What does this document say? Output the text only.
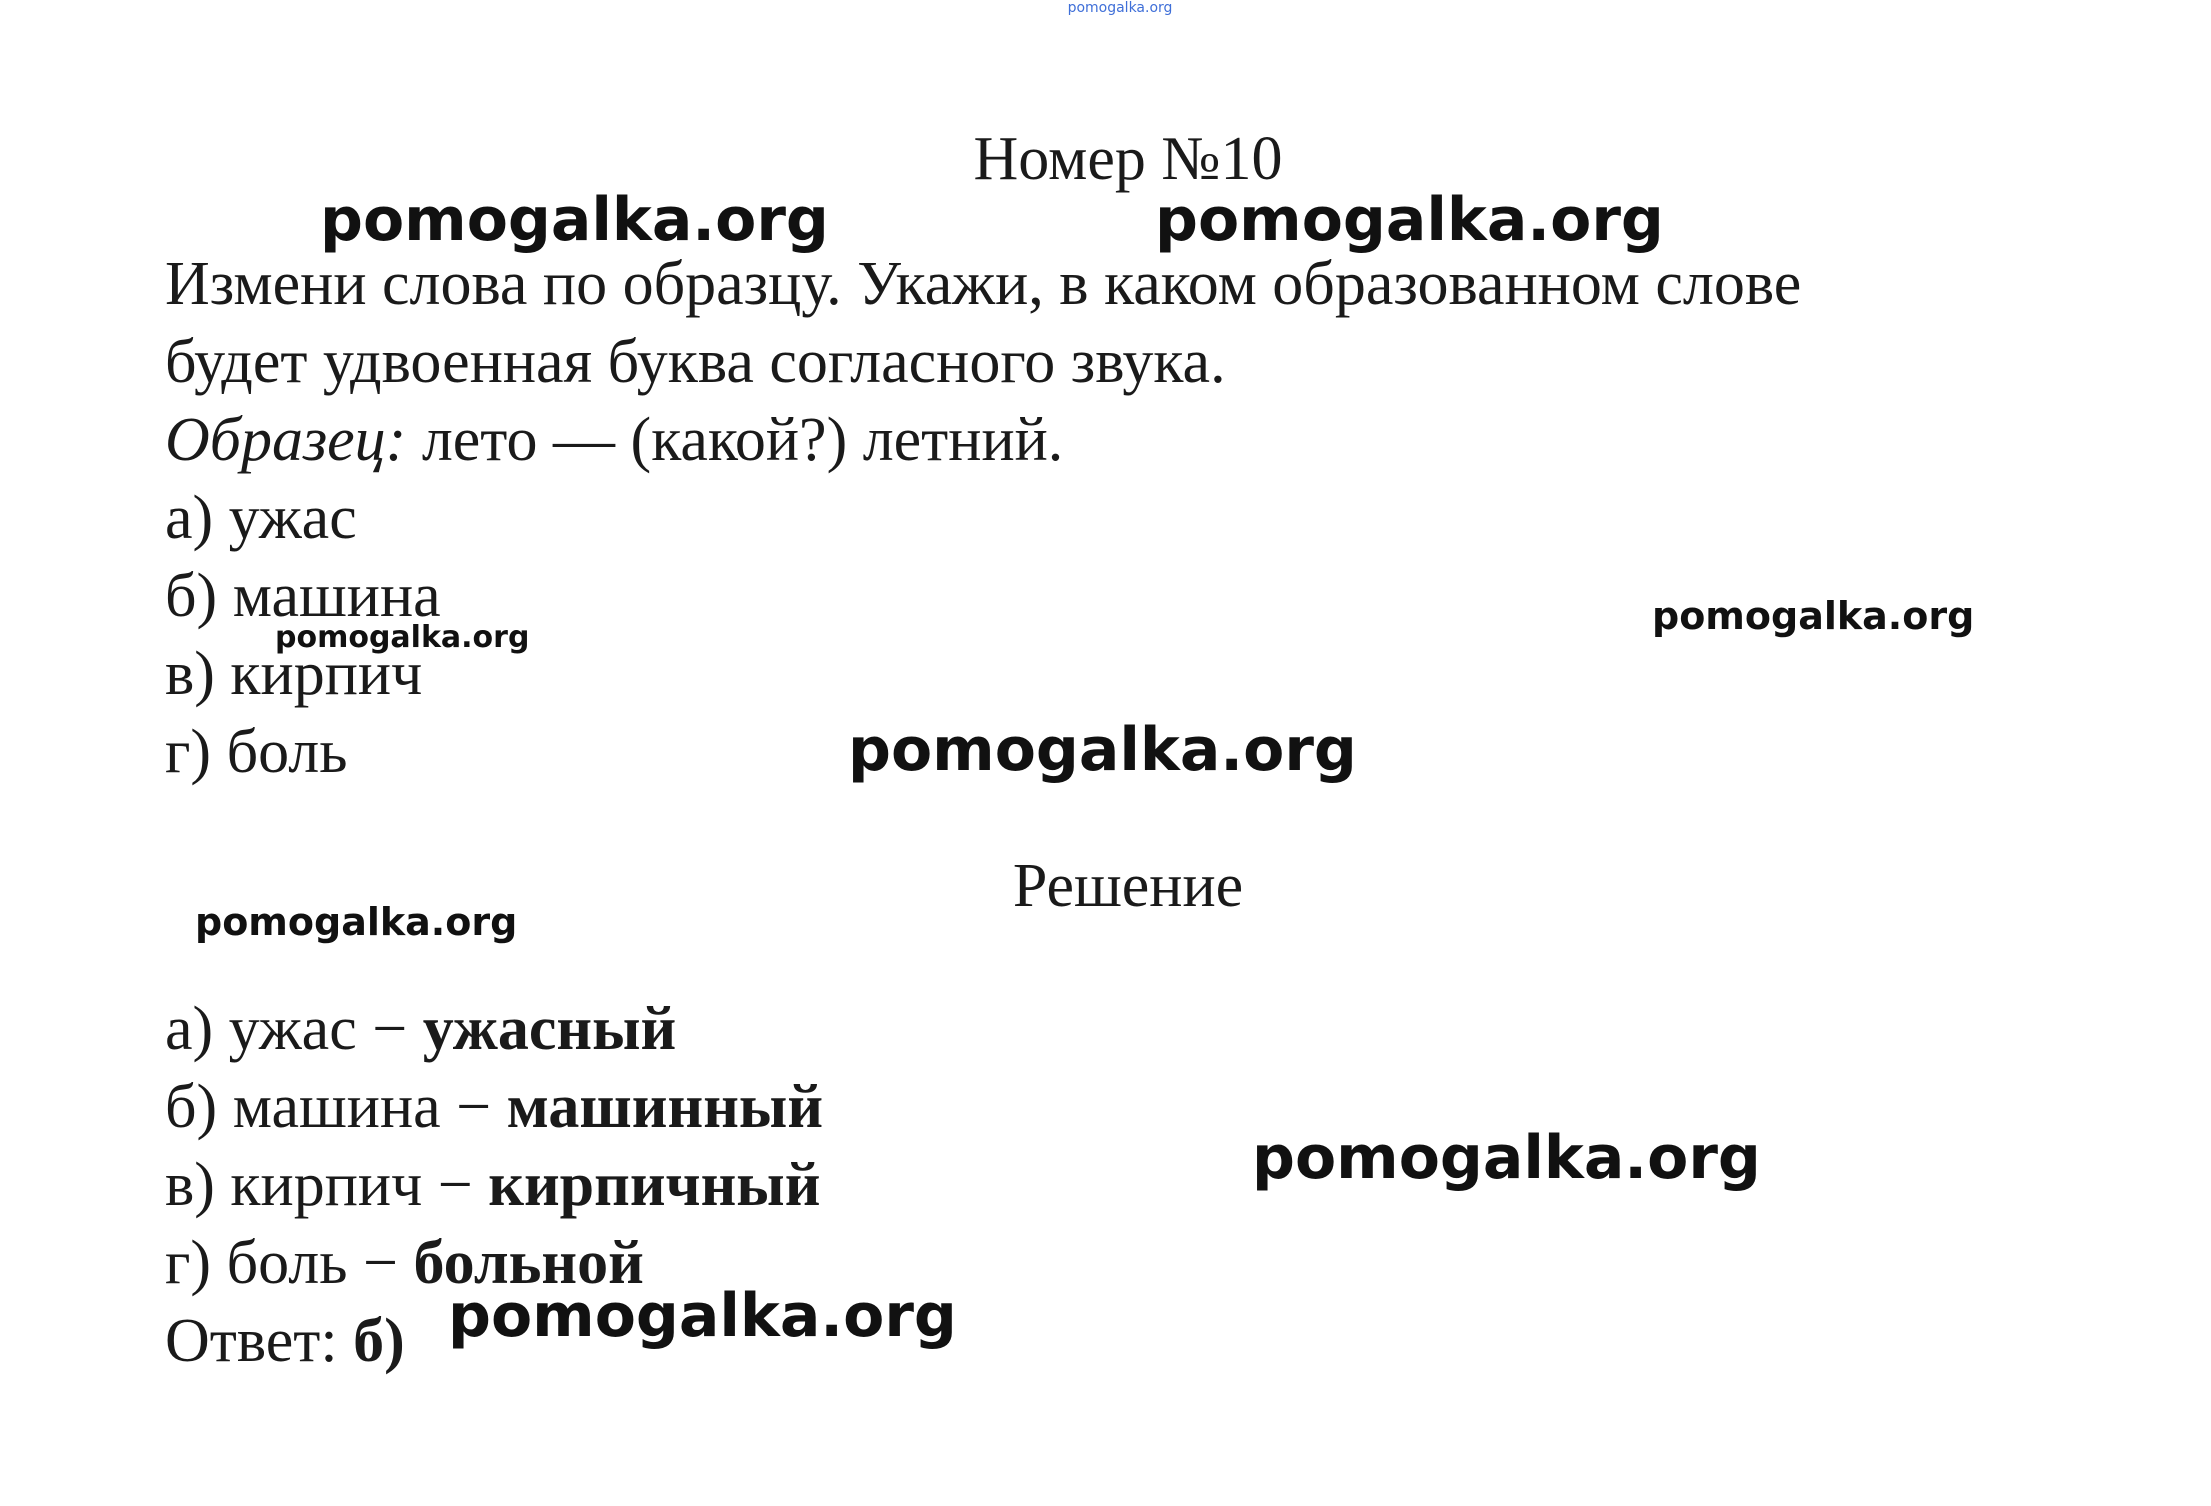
pomogalka.org
Номер №10
Измени слова по образцу. Укажи, в каком образованном слове
будет удвоенная буква согласного звука.
Образец: лето — (какой?) летний.
а) ужас
б) машина
в) кирпич
г) боль
Решение
а) ужас − ужасный
б) машина − машинный
в) кирпич − кирпичный
г) боль − больной
Ответ: б)
pomogalka.org	pomogalka.org
pomogalka.org	pomogalka.org
pomogalka.org
pomogalka.org
pomogalka.org
pomogalka.org
